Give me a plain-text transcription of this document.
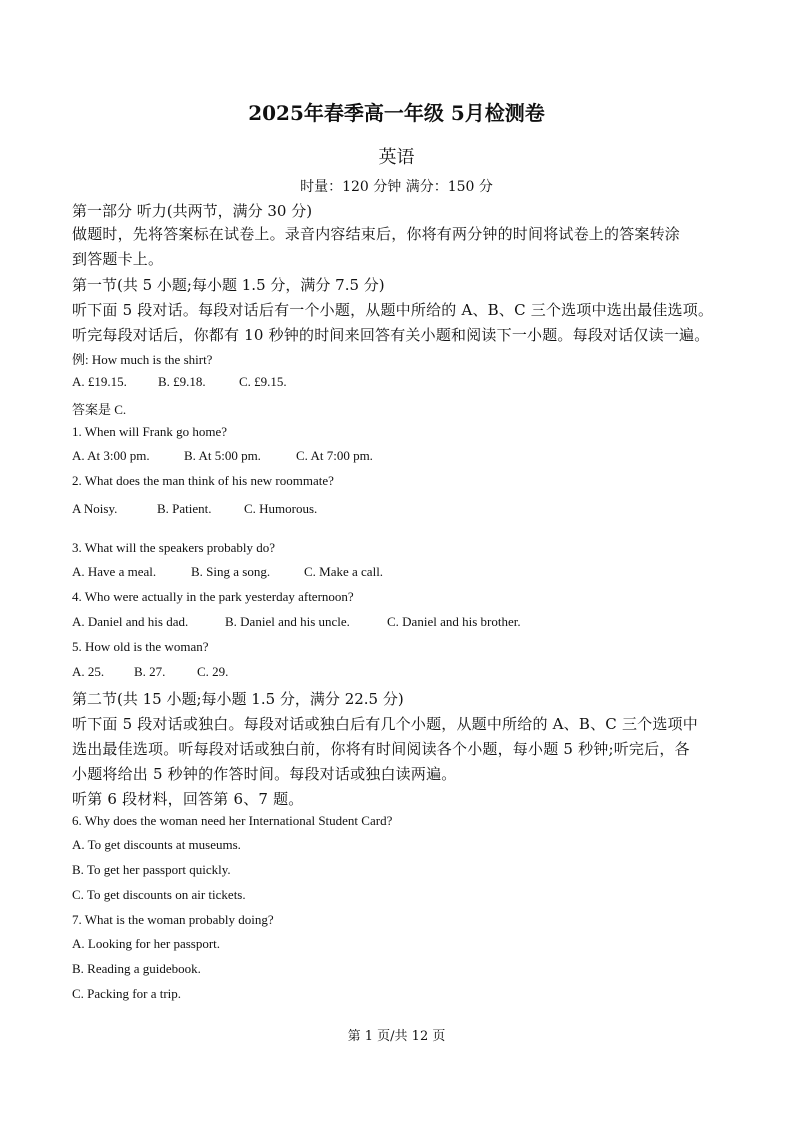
2025年春季高一年级 5月检测卷
英语
时量：120 分钟 满分：150 分
第一部分 听力(共两节，满分 30 分)
做题时，先将答案标在试卷上。录音内容结束后，你将有两分钟的时间将试卷上的答案转涂
到答题卡上。
第一节(共 5 小题;每小题 1.5 分，满分 7.5 分)
听下面 5 段对话。每段对话后有一个小题，从题中所给的 A、B、C 三个选项中选出最佳选项。
听完每段对话后，你都有 10 秒钟的时间来回答有关小题和阅读下一小题。每段对话仅读一遍。
例: How much is the shirt?
A. £19.15. B. £9.18.	C. £9.15.
答案是 C.
1. When will Frank go home?
A. At 3:00 pm.	B. At 5:00 pm.	C. At 7:00 pm.
2. What does the man think of his new roommate?
A Noisy.	B. Patient. C. Humorous.
3. What will the speakers probably do?
A. Have a meal.	B. Sing a song.	C. Make a call.
4. Who were actually in the park yesterday afternoon?
A. Daniel and his dad.	B. Daniel and his uncle.	C. Daniel and his brother.
5. How old is the woman?
A. 25. B. 27. C. 29.
第二节(共 15 小题;每小题 1.5 分，满分 22.5 分)
听下面 5 段对话或独白。每段对话或独白后有几个小题，从题中所给的 A、B、C 三个选项中
选出最佳选项。听每段对话或独白前，你将有时间阅读各个小题，每小题 5 秒钟;听完后，各
小题将给出 5 秒钟的作答时间。每段对话或独白读两遍。
听第 6 段材料，回答第 6、7 题。
6. Why does the woman need her International Student Card?
A. To get discounts at museums.
B. To get her passport quickly.
C. To get discounts on air tickets.
7. What is the woman probably doing?
A. Looking for her passport.
B. Reading a guidebook.
C. Packing for a trip.
第 1 页/共 12 页
